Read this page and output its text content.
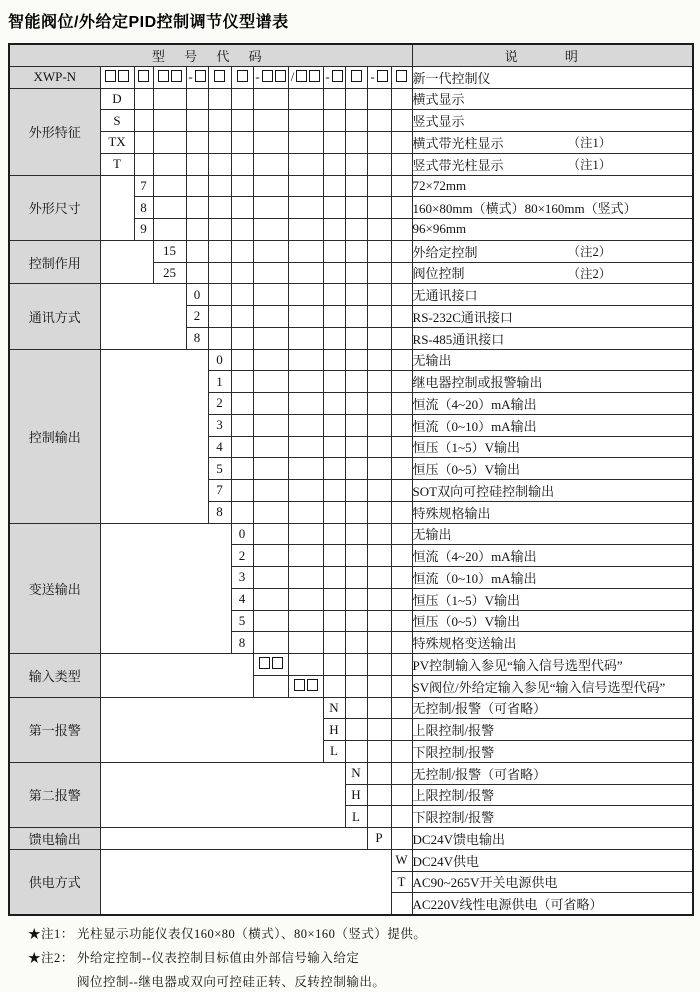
智能阀位/外给定PID控制调节仪型谱表
型 号 代 码													说 明
XWP-N				-			-	/	-		-		新一代控制仪
外形特征	D												横式显示
	S												竖式显示
	TX												横式带光柱显示 （注1）

	T												竖式带光柱显示 （注1）

外形尺寸		7											72×72mm
		8											160×80mm（横式）80×160mm（竖式）
		9											96×96mm
控制作用			15										外给定控制 （注2）

			25										阀位控制 （注2）

通讯方式				0									无通讯接口
				2									RS-232C通讯接口
				8									RS-485通讯接口
控制输出					0								无输出
					1								继电器控制或报警输出
					2								恒流（4~20）mA输出
					3								恒流（0~10）mA输出
					4								恒压（1~5）V输出
					5								恒压（0~5）V输出
					7								SOT双向可控硅控制输出
					8								特殊规格输出
变送输出						0							无输出
						2							恒流（4~20）mA输出
						3							恒流（0~10）mA输出
						4							恒压（1~5）V输出
						5							恒压（0~5）V输出
						8							特殊规格变送输出
输入类型													PV控制输入参见“输入信号选型代码”
													SV阀位/外给定输入参见“输入信号选型代码”
第一报警									N				无控制/报警（可省略）
									H				上限控制/报警
									L				下限控制/报警
第二报警										N			无控制/报警（可省略）
										H			上限控制/报警
										L			下限控制/报警
馈电输出											P		DC24V馈电输出
供电方式												W	DC24V供电
												T	AC90~265V开关电源供电
													AC220V线性电源供电（可省略）
★注1： 光柱显示功能仪表仅160×80（横式）、80×160（竖式）提供。
★注2： 外给定控制--仪表控制目标值由外部信号输入给定
阀位控制--继电器或双向可控硅正转、反转控制输出。
